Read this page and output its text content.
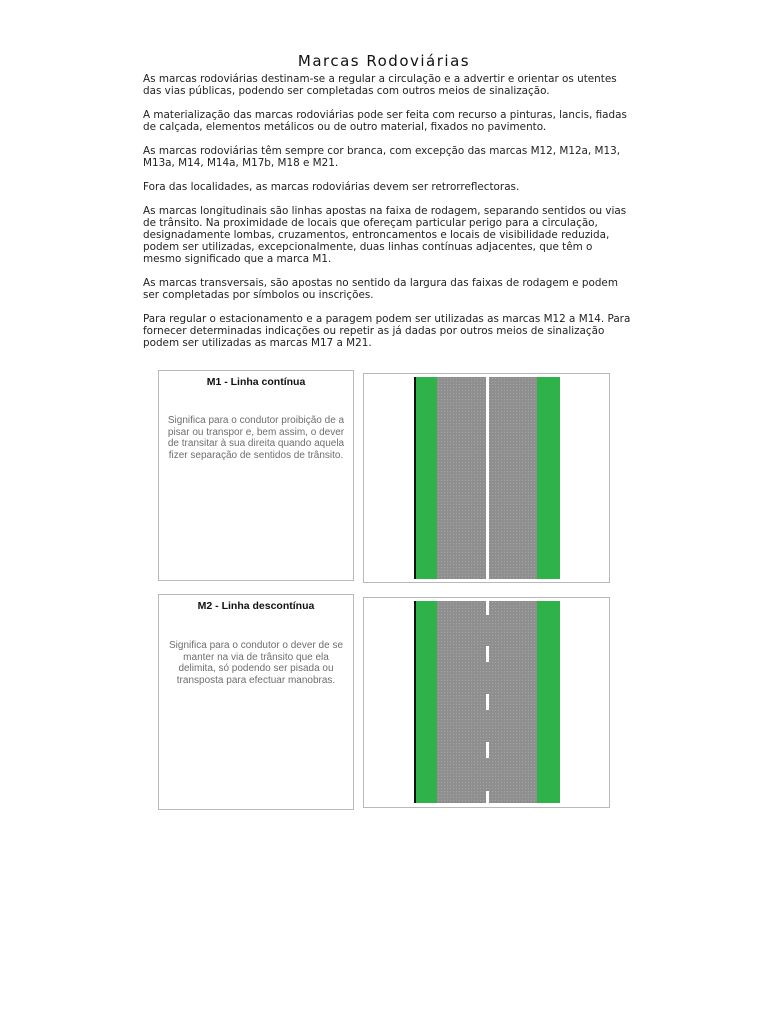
Marcas Rodoviárias

As marcas rodoviárias destinam-se a regular a circulação e a advertir e orientar os utentes das vias públicas, podendo ser completadas com outros meios de sinalização.

A materialização das marcas rodoviárias pode ser feita com recurso a pinturas, lancis, fiadas de calçada, elementos metálicos ou de outro material, fixados no pavimento.

As marcas rodoviárias têm sempre cor branca, com excepção das marcas M12, M12a, M13, M13a, M14, M14a, M17b, M18 e M21.

Fora das localidades, as marcas rodoviárias devem ser retrorreflectoras.

As marcas longitudinais são linhas apostas na faixa de rodagem, separando sentidos ou vias de trânsito. Na proximidade de locais que ofereçam particular perigo para a circulação, designadamente lombas, cruzamentos, entroncamentos e locais de visibilidade reduzida, podem ser utilizadas, excepcionalmente, duas linhas contínuas adjacentes, que têm o mesmo significado que a marca M1.

As marcas transversais, são apostas no sentido da largura das faixas de rodagem e podem ser completadas por símbolos ou inscrições.

Para regular o estacionamento e a paragem podem ser utilizadas as marcas M12 a M14. Para fornecer determinadas indicações ou repetir as já dadas por outros meios de sinalização podem ser utilizadas as marcas M17 a M21.

M1 - Linha contínua
Significa para o condutor proibição de a pisar ou transpor e, bem assim, o dever de transitar à sua direita quando aquela fizer separação de sentidos de trânsito.
M2 - Linha descontínua
Significa para o condutor o dever de se manter na via de trânsito que ela delimita, só podendo ser pisada ou transposta para efectuar manobras.
